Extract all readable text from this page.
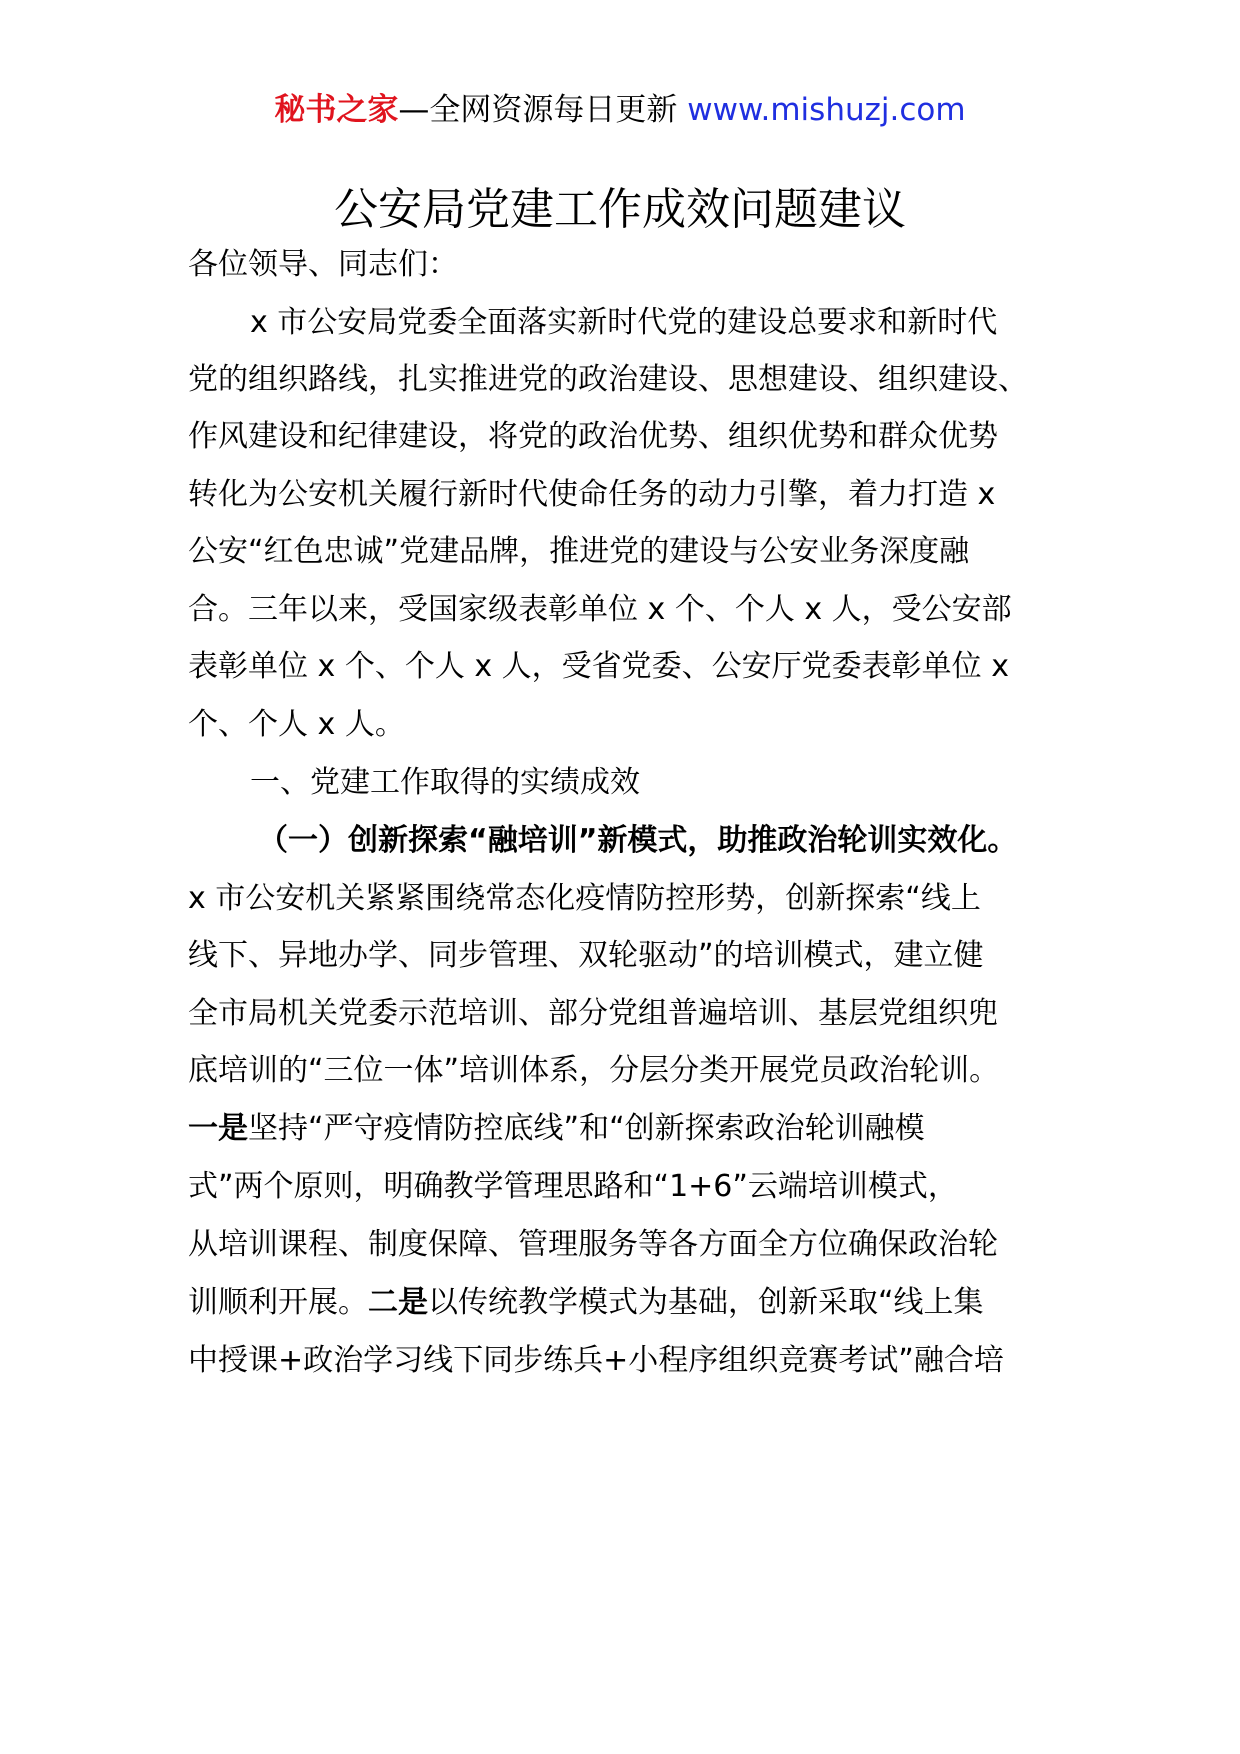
秘书之家—全网资源每日更新 www.mishuzj.com
公安局党建工作成效问题建议
各位领导、同志们：
x 市公安局党委全面落实新时代党的建设总要求和新时代
党的组织路线，扎实推进党的政治建设、思想建设、组织建设、
作风建设和纪律建设，将党的政治优势、组织优势和群众优势
转化为公安机关履行新时代使命任务的动力引擎，着力打造 x
公安“红色忠诚”党建品牌，推进党的建设与公安业务深度融
合。三年以来，受国家级表彰单位 x 个、个人 x 人，受公安部
表彰单位 x 个、个人 x 人，受省党委、公安厅党委表彰单位 x
个、个人 x 人。
一、党建工作取得的实绩成效
（一）创新探索“融培训”新模式，助推政治轮训实效化。
x 市公安机关紧紧围绕常态化疫情防控形势，创新探索“线上
线下、异地办学、同步管理、双轮驱动”的培训模式，建立健
全市局机关党委示范培训、部分党组普遍培训、基层党组织兜
底培训的“三位一体”培训体系，分层分类开展党员政治轮训。
一是坚持“严守疫情防控底线”和“创新探索政治轮训融模
式”两个原则，明确教学管理思路和“1+6”云端培训模式，
从培训课程、制度保障、管理服务等各方面全方位确保政治轮
训顺利开展。二是以传统教学模式为基础，创新采取“线上集
中授课+政治学习线下同步练兵+小程序组织竞赛考试”融合培
